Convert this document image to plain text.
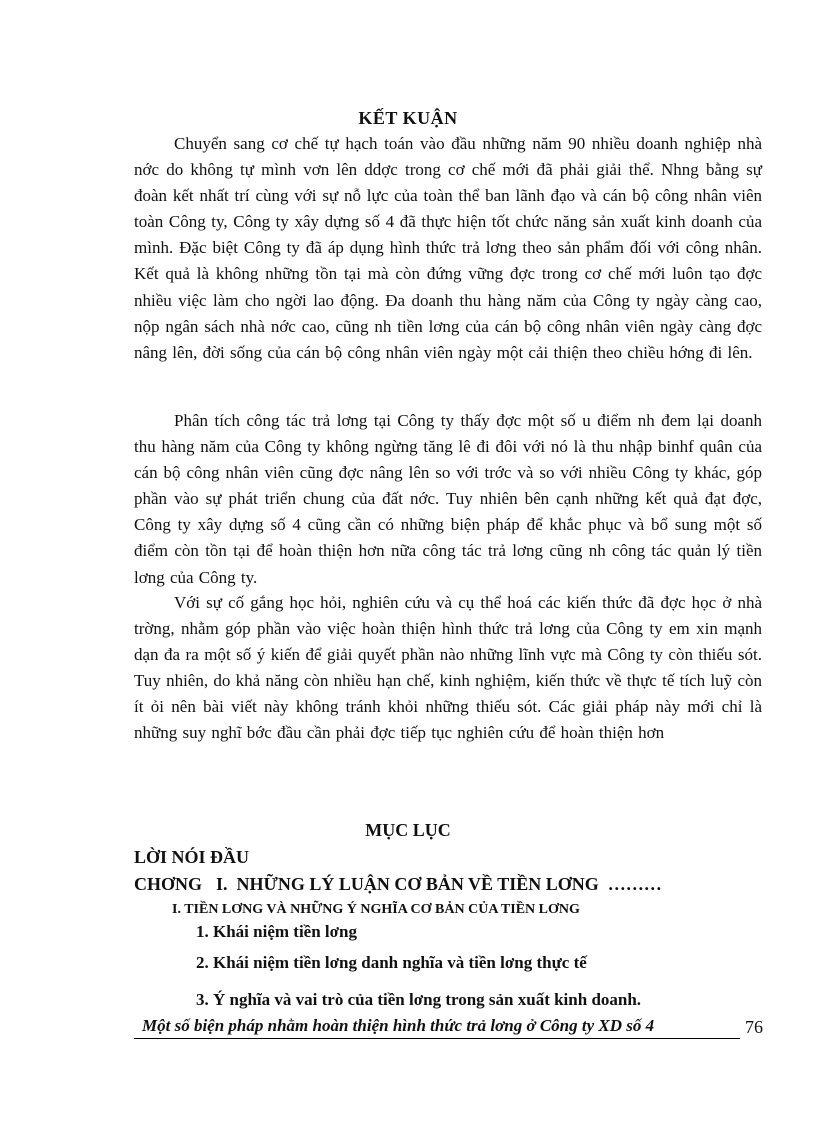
KẾT KUẬN

Chuyển sang cơ chế tự hạch toán vào đầu những năm 90 nhiều doanh nghiệp nhà nớc do không tự mình vơn lên ddợc trong cơ chế mới đã phải giải thể. Nhng bằng sự đoàn kết nhất trí cùng với sự nỗ lực của toàn thể ban lãnh đạo và cán bộ công nhân viên toàn Công ty, Công ty xây dựng số 4 đã thực hiện tốt chức năng sản xuất kinh doanh của mình. Đặc biệt Công ty đã áp dụng hình thức trả lơng theo sản phẩm đối với công nhân. Kết quả là không những tồn tại mà còn đứng vững đợc trong cơ chế mới luôn tạo đợc nhiều việc làm cho ngời lao động. Đa doanh thu hàng năm của Công ty ngày càng cao, nộp ngân sách nhà nớc cao, cũng nh tiền lơng của cán bộ công nhân viên ngày càng đợc nâng lên, đời sống của cán bộ công nhân viên ngày một cải thiện theo chiều hớng đi lên.

Phân tích công tác trả lơng tại Công ty thấy đợc một số u điểm nh đem lại doanh thu hàng năm của Công ty không ngừng tăng lê đi đôi với nó là thu nhập binhf quân của cán bộ công nhân viên cũng đợc nâng lên so với trớc và so với nhiều Công ty khác, góp phần vào sự phát triển chung của đất nớc. Tuy nhiên bên cạnh những kết quả đạt đợc, Công ty xây dựng số 4 cũng cần có những biện pháp để khắc phục và bổ sung một số điểm còn tồn tại để hoàn thiện hơn nữa công tác trả lơng cũng nh công tác quản lý tiền lơng của Công ty.

Với sự cố gắng học hỏi, nghiên cứu và cụ thể hoá các kiến thức đã đợc học ở nhà trờng, nhằm góp phần vào việc hoàn thiện hình thức trả lơng của Công ty em xin mạnh dạn đa ra một số ý kiến để giải quyết phần nào những lĩnh vực mà Công ty còn thiếu sót. Tuy nhiên, do khả năng còn nhiều hạn chế, kinh nghiệm, kiến thức về thực tế tích luỹ còn ít ỏi nên bài viết này không tránh khỏi những thiếu sót. Các giải pháp này mới chỉ là những suy nghĩ bớc đầu cần phải đợc tiếp tục nghiên cứu để hoàn thiện hơn

MỤC LỤC
LỜI NÓI ĐẦU
CHƠNG I. NHỮNG LÝ LUẬN CƠ BẢN VỀ TIỀN LƠNG ………
I. TIỀN LƠNG VÀ NHỮNG Ý NGHĨA CƠ BẢN CỦA TIỀN LƠNG
1. Khái niệm tiền lơng
2. Khái niệm tiền lơng danh nghĩa và tiền lơng thực tế
3. Ý nghĩa và vai trò của tiền lơng trong sản xuất kinh doanh.
Một số biện pháp nhằm hoàn thiện hình thức trả lơng ở Công ty XD số 4	76
